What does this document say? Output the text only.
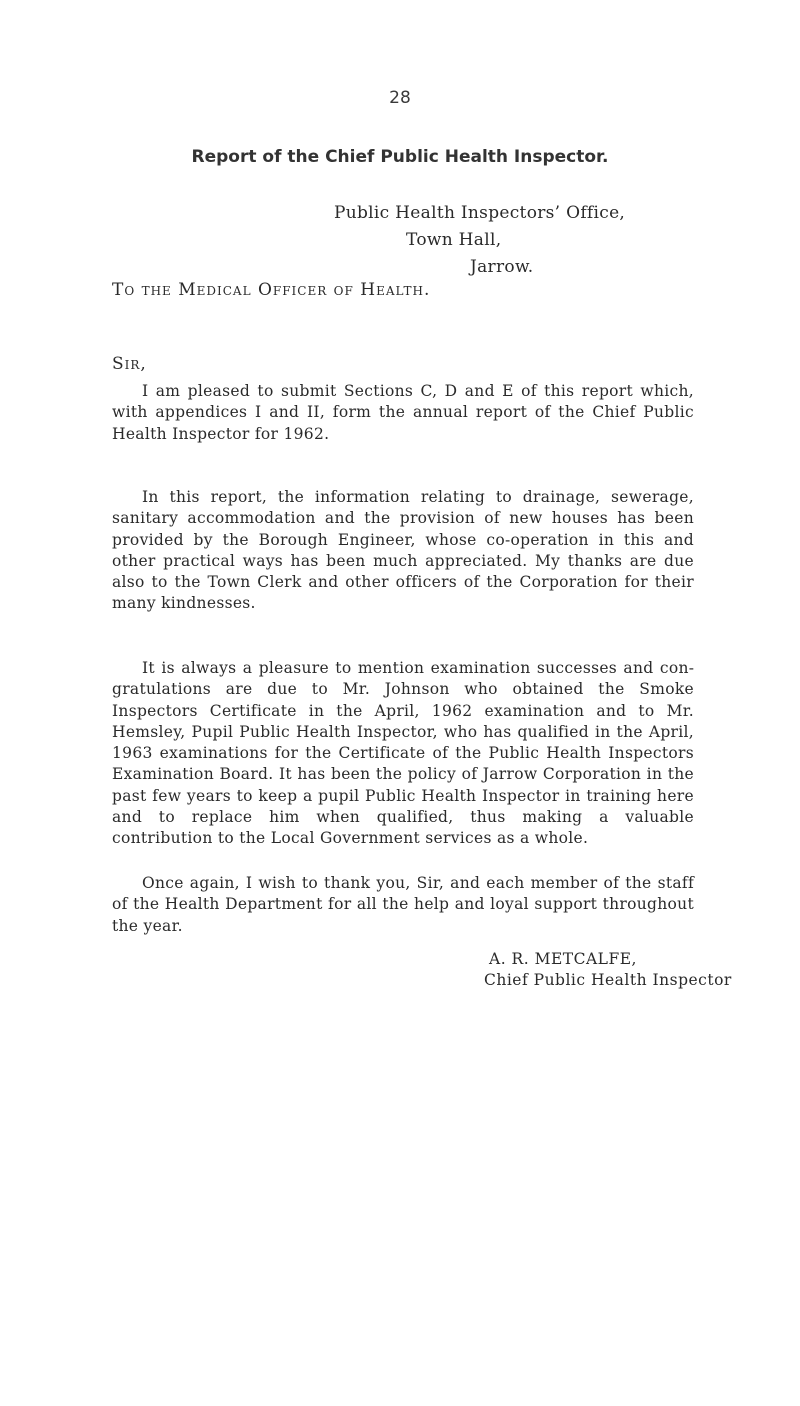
28
Report of the Chief Public Health Inspector.
Public Health Inspectors’ Office,
Town Hall,
Jarrow.
To the Medical Officer of Health.
Sir,

I am pleased to submit Sections C, D and E of this report which, with appendices I and II, form the annual report of the Chief Public Health Inspector for 1962.

In this report, the information relating to drainage, sewerage, sanitary accommodation and the provision of new houses has been provided by the Borough Engineer, whose co-operation in this and other practical ways has been much appreciated. My thanks are due also to the Town Clerk and other officers of the Corporation for their many kindnesses.

It is always a pleasure to mention examination successes and congratulations are due to Mr. Johnson who obtained the Smoke Inspectors Certificate in the April, 1962 examination and to Mr. Hemsley, Pupil Public Health Inspector, who has qualified in the April, 1963 examinations for the Certificate of the Public Health Inspectors Examination Board. It has been the policy of Jarrow Corporation in the past few years to keep a pupil Public Health Inspector in training here and to replace him when qualified, thus making a valuable contribution to the Local Government services as a whole.

Once again, I wish to thank you, Sir, and each member of the staff of the Health Department for all the help and loyal support throughout the year.

A. R. METCALFE,
Chief Public Health Inspector
